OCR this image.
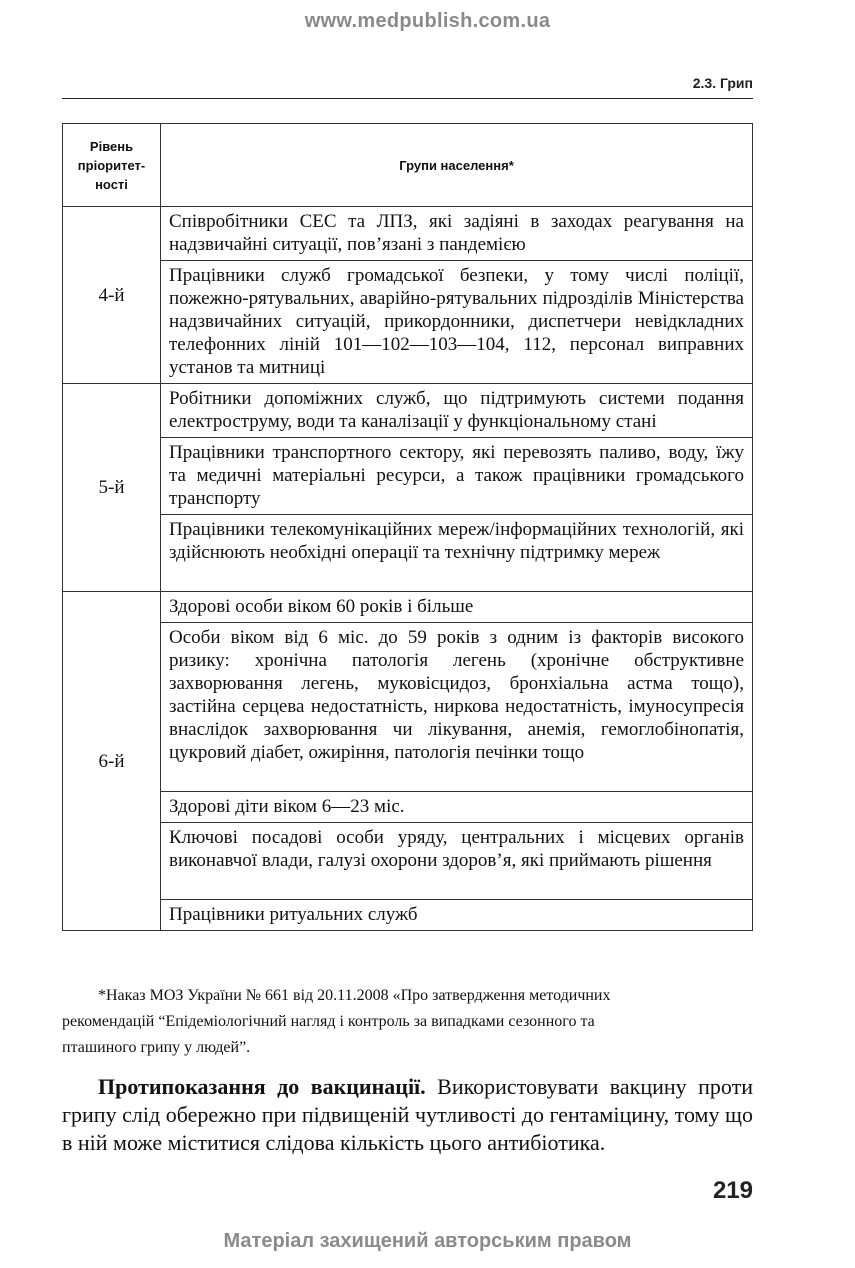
www.medpublish.com.ua
2.3. Грип
Рівень пріоритет-ності	Групи населення*
4-й	Співробітники СЕС та ЛПЗ, які задіяні в заходах реагування на надзвичайні ситуації, пов’язані з пандемією
	Працівники служб громадської безпеки, у тому числі поліції, пожежно-рятувальних, аварійно-рятувальних підрозділів Міністерства надзвичайних ситуацій, прикордонники, диспетчери невідкладних телефонних ліній 101—102—103—104, 112, персонал виправних установ та митниці
5-й	Робітники допоміжних служб, що підтримують системи подання електроструму, води та каналізації у функціональному стані
	Працівники транспортного сектору, які перевозять паливо, воду, їжу та медичні матеріальні ресурси, а також працівники громадського транспорту
	Працівники телекомунікаційних мереж/інформаційних технологій, які здійснюють необхідні операції та технічну підтримку мереж
6-й	Здорові особи віком 60 років і більше
	Особи віком від 6 міс. до 59 років з одним із факторів високого ризику: хронічна патологія легень (хронічне обструктивне захворювання легень, муковісцидоз, бронхіальна астма тощо), застійна серцева недостатність, ниркова недостатність, імуносупресія внаслідок захворювання чи лікування, анемія, гемоглобінопатія, цукровий діабет, ожиріння, патологія печінки тощо
	Здорові діти віком 6—23 міс.
	Ключові посадові особи уряду, центральних і місцевих органів виконавчої влади, галузі охорони здоров’я, які приймають рішення
	Працівники ритуальних служб
*Наказ МОЗ України № 661 від 20.11.2008 «Про затвердження методичних
рекомендацій “Епідеміологічний нагляд і контроль за випадками сезонного та
пташиного грипу у людей”.
Протипоказання до вакцинації. Використовувати вакцину проти грипу слід обережно при підвищеній чутливості до гентаміцину, тому що в ній може міститися слідова кількість цього антибіотика.
219
Матеріал захищений авторським правом
